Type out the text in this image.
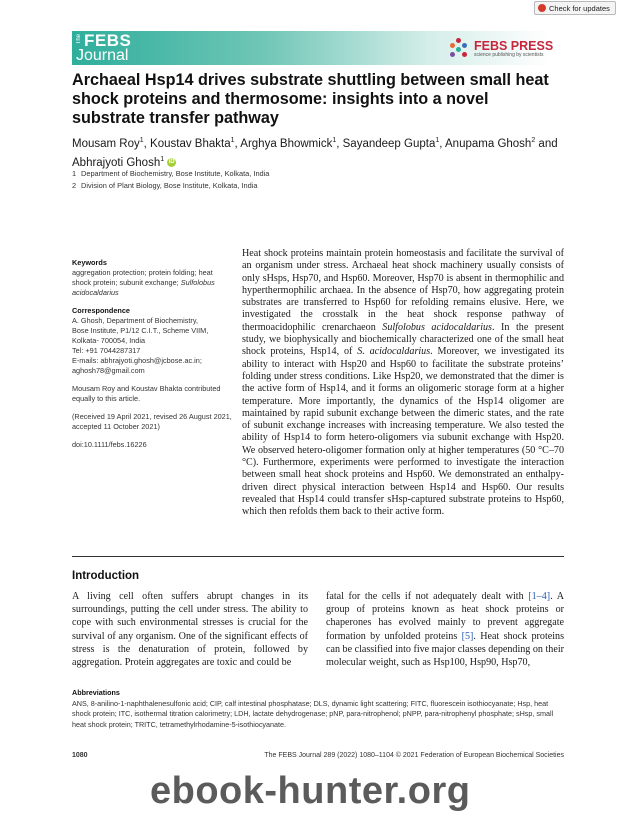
Check for updates
The FEBS
Journal
FEBS PRESS
science publishing by scientists
Archaeal Hsp14 drives substrate shuttling between small heat shock proteins and thermosome: insights into a novel substrate transfer pathway
Mousam Roy$^1$, Koustav Bhakta$^1$, Arghya Bhowmick$^1$, Sayandeep Gupta$^1$, Anupama Ghosh$^2$ and
Abhrajyoti Ghosh$^1$ iD
1 Department of Biochemistry, Bose Institute, Kolkata, India
2 Division of Plant Biology, Bose Institute, Kolkata, India

Keywords

aggregation protection; protein folding; heat shock protein; subunit exchange; Sulfolobus acidocaldarius

Correspondence

A. Ghosh, Department of Biochemistry,

Bose Institute, P1/12 C.I.T., Scheme VIIM,

Kolkata- 700054, India

Tel: +91 7044287317

E-mails: abhrajyoti.ghosh@jcbose.ac.in;

aghosh78@gmail.com

Mousam Roy and Koustav Bhakta contributed equally to this article.

(Received 19 April 2021, revised 26 August 2021, accepted 11 October 2021)

doi:10.1111/febs.16226

Heat shock proteins maintain protein homeostasis and facilitate the survival of an organism under stress. Archaeal heat shock machinery usually consists of only sHsps, Hsp70, and Hsp60. Moreover, Hsp70 is absent in thermophilic and hyperthermophilic archaea. In the absence of Hsp70, how aggregating protein substrates are transferred to Hsp60 for refolding remains elusive. Here, we investigated the crosstalk in the heat shock response pathway of thermoacidophilic crenarchaeon Sulfolobus acidocaldarius. In the present study, we biophysically and biochemically characterized one of the small heat shock proteins, Hsp14, of S. acidocaldarius. Moreover, we investigated its ability to interact with Hsp20 and Hsp60 to facilitate the substrate proteins’ folding under stress conditions. Like Hsp20, we demonstrated that the dimer is the active form of Hsp14, and it forms an oligomeric storage form at a higher temperature. More importantly, the dynamics of the Hsp14 oligomer are maintained by rapid subunit exchange between the dimeric states, and the rate of subunit exchange increases with increasing temperature. We also tested the ability of Hsp14 to form hetero-oligomers via subunit exchange with Hsp20. We observed hetero-oligomer formation only at higher temperatures (50 °C–70 °C). Furthermore, experiments were performed to investigate the interaction between small heat shock proteins and Hsp60. We demonstrated an enthalpy-driven direct physical interaction between Hsp14 and Hsp60. Our results revealed that Hsp14 could transfer sHsp-captured substrate proteins to Hsp60, which then refolds them back to their active form.

Introduction

A living cell often suffers abrupt changes in its surroundings, putting the cell under stress. The ability to cope with such environmental stresses is crucial for the survival of any organism. One of the significant effects of stress is the denaturation of protein, followed by aggregation. Protein aggregates are toxic and could be

fatal for the cells if not adequately dealt with [1–4]. A group of proteins known as heat shock proteins or chaperones has evolved mainly to prevent aggregate formation by unfolded proteins [5]. Heat shock proteins can be classified into five major classes depending on their molecular weight, such as Hsp100, Hsp90, Hsp70,

Abbreviations
ANS, 8-anilino-1-naphthalenesulfonic acid; CIP, calf intestinal phosphatase; DLS, dynamic light scattering; FITC, fluorescein isothiocyanate; Hsp, heat shock protein; ITC, isothermal titration calorimetry; LDH, lactate dehydrogenase; pNP, para-nitrophenol; pNPP, para-nitrophenyl phosphate; sHsp, small heat shock protein; TRITC, tetramethylrhodamine-5-isothiocyanate.
1080	The FEBS Journal 289 (2022) 1080–1104 © 2021 Federation of European Biochemical Societies
ebook-hunter.org
